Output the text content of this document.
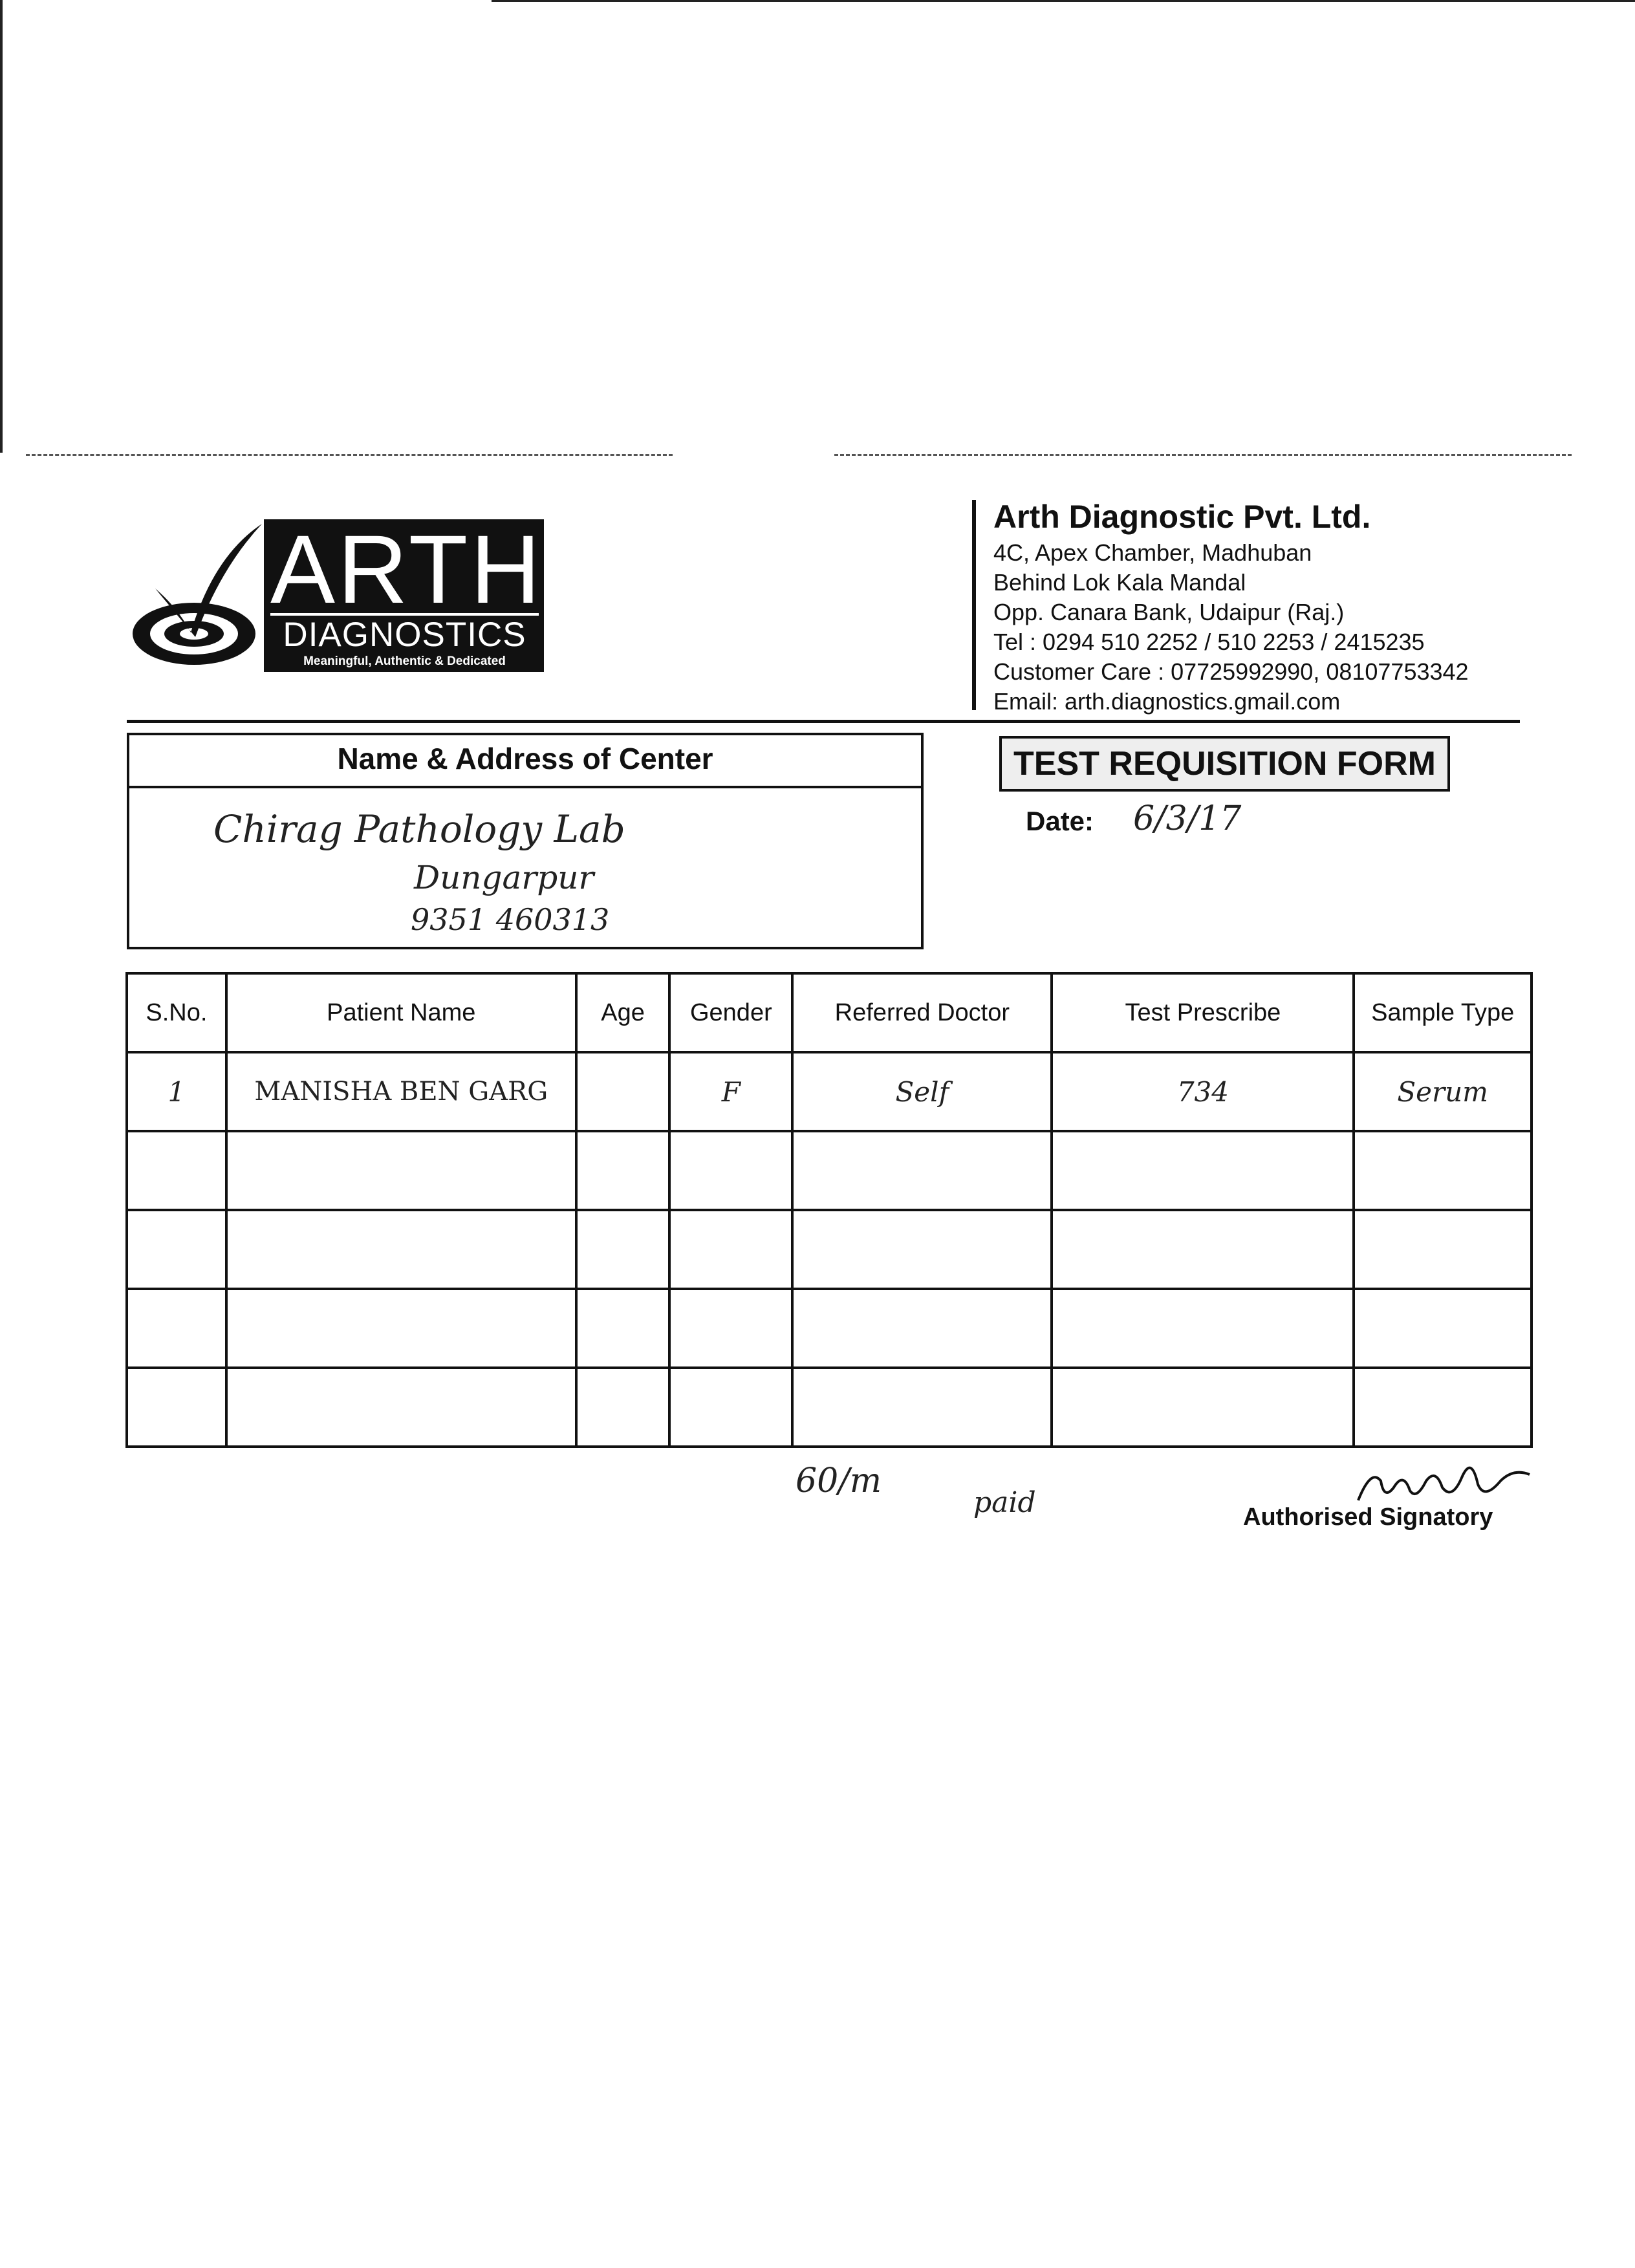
ARTH
DIAGNOSTICS
Meaningful, Authentic & Dedicated
Arth Diagnostic Pvt. Ltd.
4C, Apex Chamber, Madhuban
Behind Lok Kala Mandal
Opp. Canara Bank, Udaipur (Raj.)
Tel : 0294 510 2252 / 510 2253 / 2415235
Customer Care : 07725992990, 08107753342
Email: arth.diagnostics.gmail.com
Name & Address of Center
Chirag Pathology Lab
Dungarpur
9351 460313
TEST REQUISITION FORM
Date: 6/3/17
S.No.	Patient Name	Age	Gender	Referred Doctor	Test Prescribe	Sample Type
1	MANISHA BEN GARG		F	Self	734	Serum

60/m
paid	Authorised Signatory
